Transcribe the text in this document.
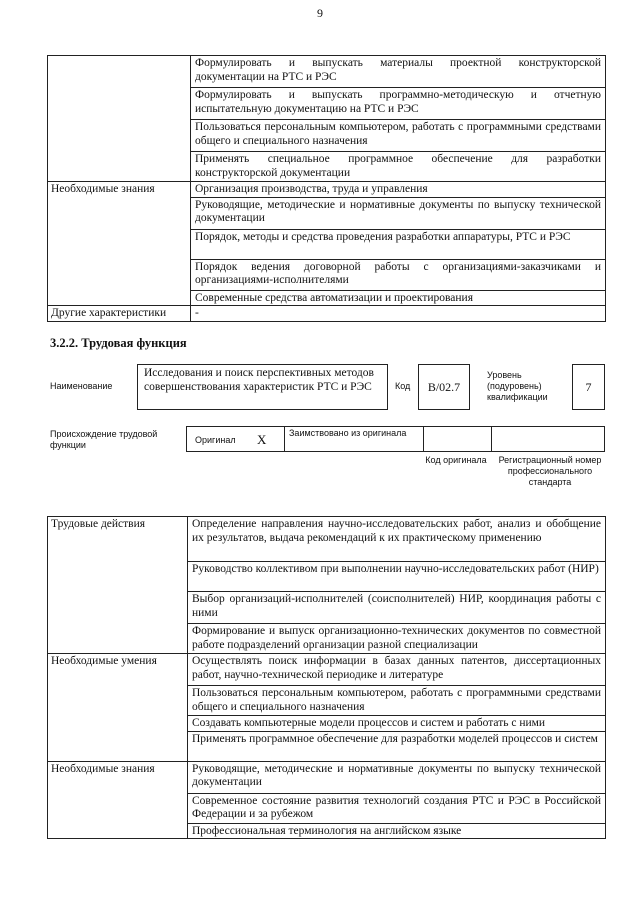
9
	Формулировать и выпускать материалы проектной конструкторской документации на РТС и РЭС
	Формулировать и выпускать программно-методическую и отчетную испытательную документацию на РТС и РЭС
	Пользоваться персональным компьютером, работать с программными средствами общего и специального назначения
	Применять специальное программное обеспечение для разработки конструкторской документации
Необходимые знания	Организация производства, труда и управления
	Руководящие, методические и нормативные документы по выпуску технической документации
	Порядок, методы и средства проведения разработки аппаратуры, РТС и РЭС
	Порядок ведения договорной работы с организациями-заказчиками и организациями-исполнителями
	Современные средства автоматизации и проектирования
Другие характеристики	-
3.2.2. Трудовая функция
Наименование
Исследования и поиск перспективных методов совершенствования характеристик РТС и РЭС	Код	В/02.7
Уровень (подуровень) квалификации
7
Происхождение трудовой функции	Оригинал X	Заимствовано из оригинала
Код оригинала	Регистрационный номер профессионального стандарта
Трудовые действия	Определение направления научно-исследовательских работ, анализ и обобщение их результатов, выдача рекомендаций к их практическому применению
	Руководство коллективом при выполнении научно-исследовательских работ (НИР)
	Выбор организаций-исполнителей (соисполнителей) НИР, координация работы с ними
	Формирование и выпуск организационно-технических документов по совместной работе подразделений организации разной специализации
Необходимые умения	Осуществлять поиск информации в базах данных патентов, диссертационных работ, научно-технической периодике и литературе
	Пользоваться персональным компьютером, работать с программными средствами общего и специального назначения
	Создавать компьютерные модели процессов и систем и работать с ними
	Применять программное обеспечение для разработки моделей процессов и систем
Необходимые знания	Руководящие, методические и нормативные документы по выпуску технической документации
	Современное состояние развития технологий создания РТС и РЭС в Российской Федерации и за рубежом
	Профессиональная терминология на английском языке
